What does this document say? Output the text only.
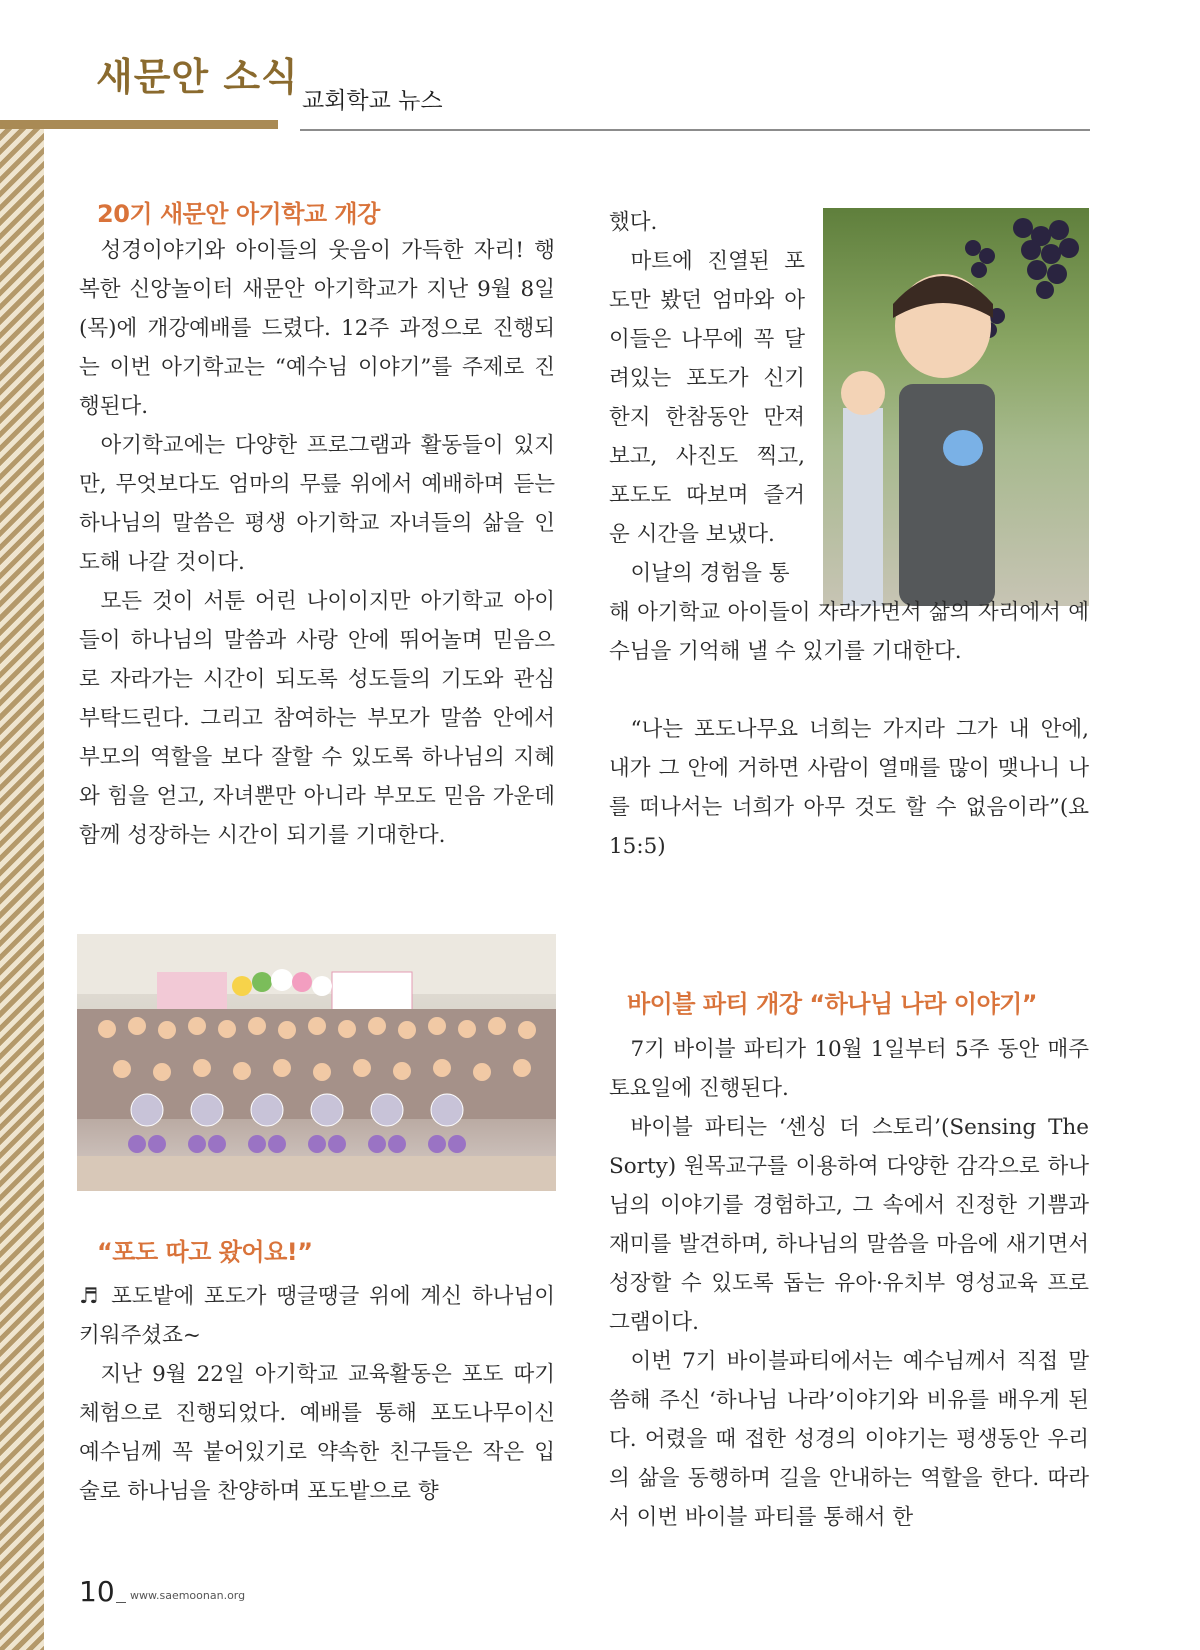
새문안 소식
교회학교 뉴스
20기 새문안 아기학교 개강

성경이야기와 아이들의 웃음이 가득한 자리! 행복한 신앙놀이터 새문안 아기학교가 지난 9월 8일(목)에 개강예배를 드렸다. 12주 과정으로 진행되는 이번 아기학교는 “예수님 이야기”를 주제로 진행된다.

아기학교에는 다양한 프로그램과 활동들이 있지만, 무엇보다도 엄마의 무릎 위에서 예배하며 듣는 하나님의 말씀은 평생 아기학교 자녀들의 삶을 인도해 나갈 것이다.

모든 것이 서툰 어린 나이이지만 아기학교 아이들이 하나님의 말씀과 사랑 안에 뛰어놀며 믿음으로 자라가는 시간이 되도록 성도들의 기도와 관심 부탁드린다. 그리고 참여하는 부모가 말씀 안에서 부모의 역할을 보다 잘할 수 있도록 하나님의 지혜와 힘을 얻고, 자녀뿐만 아니라 부모도 믿음 가운데 함께 성장하는 시간이 되기를 기대한다.

“포도 따고 왔어요!”

♬ 포도밭에 포도가 땡글땡글 위에 계신 하나님이 키워주셨죠~

지난 9월 22일 아기학교 교육활동은 포도 따기 체험으로 진행되었다. 예배를 통해 포도나무이신 예수님께 꼭 붙어있기로 약속한 친구들은 작은 입술로 하나님을 찬양하며 포도밭으로 향

했다.

마트에 진열된 포도만 봤던 엄마와 아이들은 나무에 꼭 달려있는 포도가 신기한지 한참동안 만져보고, 사진도 찍고, 포도도 따보며 즐거운 시간을 보냈다.

이날의 경험을 통

해 아기학교 아이들이 자라가면서 삶의 자리에서 예수님을 기억해 낼 수 있기를 기대한다.

“나는 포도나무요 너희는 가지라 그가 내 안에, 내가 그 안에 거하면 사람이 열매를 많이 맺나니 나를 떠나서는 너희가 아무 것도 할 수 없음이라”(요15:5)

바이블 파티 개강 “하나님 나라 이야기”

7기 바이블 파티가 10월 1일부터 5주 동안 매주 토요일에 진행된다.

바이블 파티는 ‘센싱 더 스토리’(Sensing The Sorty) 원목교구를 이용하여 다양한 감각으로 하나님의 이야기를 경험하고, 그 속에서 진정한 기쁨과 재미를 발견하며, 하나님의 말씀을 마음에 새기면서 성장할 수 있도록 돕는 유아·유치부 영성교육 프로그램이다.

이번 7기 바이블파티에서는 예수님께서 직접 말씀해 주신 ‘하나님 나라’이야기와 비유를 배우게 된다. 어렸을 때 접한 성경의 이야기는 평생동안 우리의 삶을 동행하며 길을 안내하는 역할을 한다. 따라서 이번 바이블 파티를 통해서 한

10 www.saemoonan.org
